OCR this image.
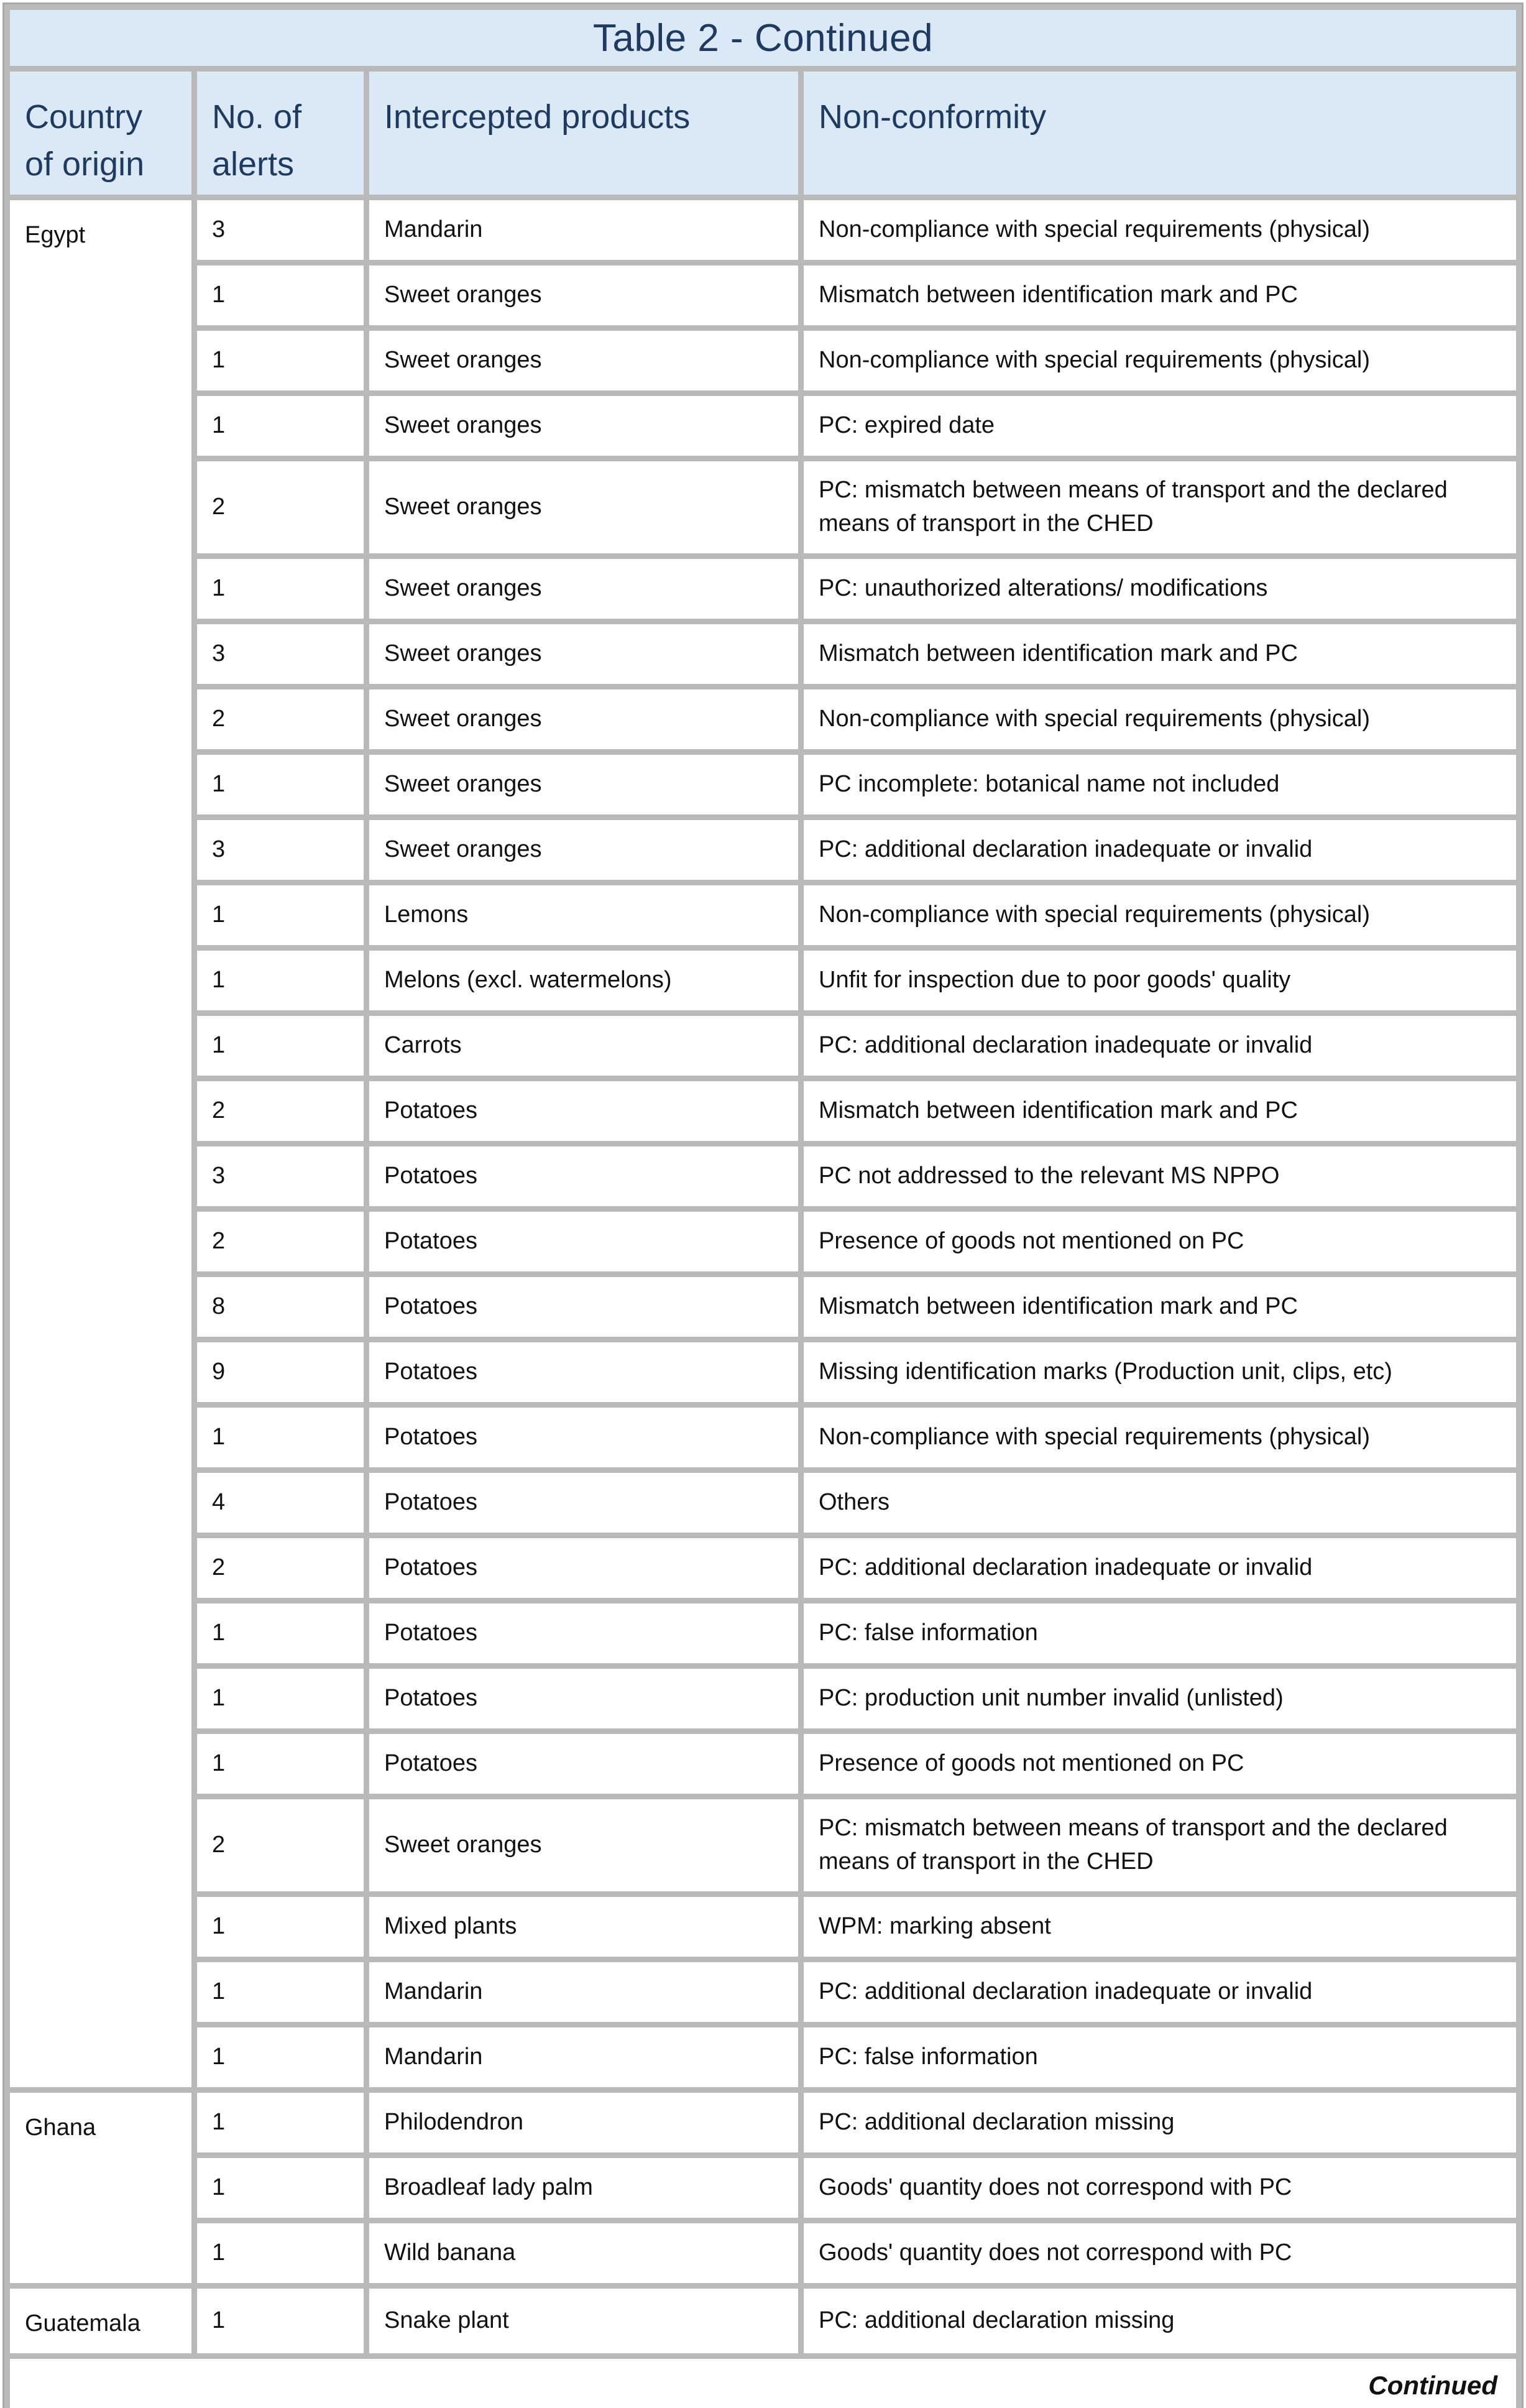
Table 2 - Continued			
Country of origin	No. of alerts	Intercepted products	Non-conformity
Egypt	3	Mandarin	Non-compliance with special requirements (physical)
	1	Sweet oranges	Mismatch between identification mark and PC
	1	Sweet oranges	Non-compliance with special requirements (physical)
	1	Sweet oranges	PC: expired date
	2	Sweet oranges	PC: mismatch between means of transport and the declared means of transport in the CHED
	1	Sweet oranges	PC: unauthorized alterations/ modifications
	3	Sweet oranges	Mismatch between identification mark and PC
	2	Sweet oranges	Non-compliance with special requirements (physical)
	1	Sweet oranges	PC incomplete: botanical name not included
	3	Sweet oranges	PC: additional declaration inadequate or invalid
	1	Lemons	Non-compliance with special requirements (physical)
	1	Melons (excl. watermelons)	Unfit for inspection due to poor goods' quality
	1	Carrots	PC: additional declaration inadequate or invalid
	2	Potatoes	Mismatch between identification mark and PC
	3	Potatoes	PC not addressed to the relevant MS NPPO
	2	Potatoes	Presence of goods not mentioned on PC
	8	Potatoes	Mismatch between identification mark and PC
	9	Potatoes	Missing identification marks (Production unit, clips, etc)
	1	Potatoes	Non-compliance with special requirements (physical)
	4	Potatoes	Others
	2	Potatoes	PC: additional declaration inadequate or invalid
	1	Potatoes	PC: false information
	1	Potatoes	PC: production unit number invalid (unlisted)
	1	Potatoes	Presence of goods not mentioned on PC
	2	Sweet oranges	PC: mismatch between means of transport and the declared means of transport in the CHED
	1	Mixed plants	WPM: marking absent
	1	Mandarin	PC: additional declaration inadequate or invalid
	1	Mandarin	PC: false information
Ghana	1	Philodendron	PC: additional declaration missing
	1	Broadleaf lady palm	Goods' quantity does not correspond with PC
	1	Wild banana	Goods' quantity does not correspond with PC
Guatemala	1	Snake plant	PC: additional declaration missing
Continued			
